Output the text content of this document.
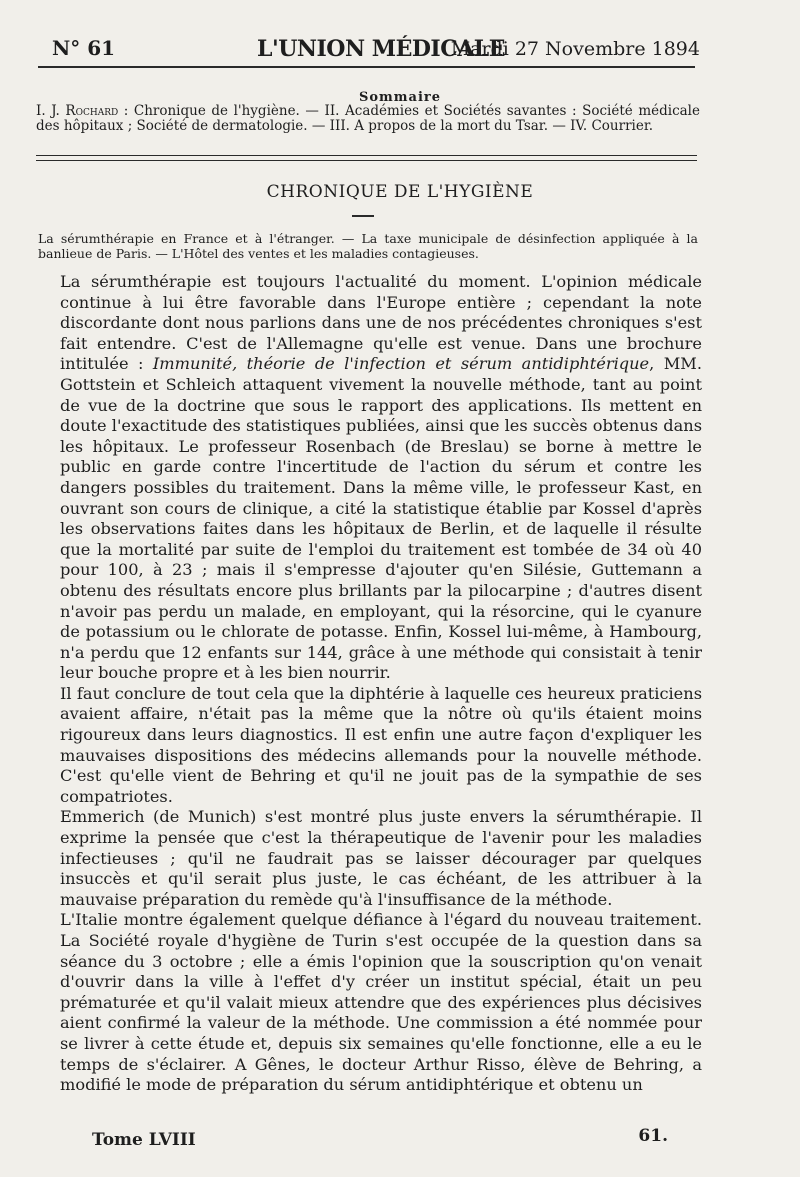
N° 61	L'UNION MÉDICALE
Mardi 27 Novembre 1894
Sommaire
I. J. Rochard : Chronique de l'hygiène. — II. Académies et Sociétés savantes : Société médicale des hôpitaux ; Société de dermatologie. — III. A propos de la mort du Tsar. — IV. Courrier.
CHRONIQUE DE L'HYGIÈNE
La sérumthérapie en France et à l'étranger. — La taxe municipale de désinfection appliquée à la banlieue de Paris. — L'Hôtel des ventes et les maladies contagieuses.

La sérumthérapie est toujours l'actualité du moment. L'opinion médicale continue à lui être favorable dans l'Europe entière ; cependant la note discordante dont nous parlions dans une de nos précédentes chroniques s'est fait entendre. C'est de l'Allemagne qu'elle est venue. Dans une brochure intitulée : Immunité, théorie de l'infection et sérum antidiphtérique, MM. Gottstein et Schleich attaquent vivement la nouvelle méthode, tant au point de vue de la doctrine que sous le rapport des applications. Ils mettent en doute l'exactitude des statistiques publiées, ainsi que les succès obtenus dans les hôpitaux. Le professeur Rosenbach (de Breslau) se borne à mettre le public en garde contre l'incertitude de l'action du sérum et contre les dangers possibles du traitement. Dans la même ville, le professeur Kast, en ouvrant son cours de clinique, a cité la statistique établie par Kossel d'après les observations faites dans les hôpitaux de Berlin, et de laquelle il résulte que la mortalité par suite de l'emploi du traitement est tombée de 34 où 40 pour 100, à 23 ; mais il s'empresse d'ajouter qu'en Silésie, Guttemann a obtenu des résultats encore plus brillants par la pilocarpine ; d'autres disent n'avoir pas perdu un malade, en employant, qui la résorcine, qui le cyanure de potassium ou le chlorate de potasse. Enfin, Kossel lui-même, à Hambourg, n'a perdu que 12 enfants sur 144, grâce à une méthode qui consistait à tenir leur bouche propre et à les bien nourrir.

Il faut conclure de tout cela que la diphtérie à laquelle ces heureux praticiens avaient affaire, n'était pas la même que la nôtre où qu'ils étaient moins rigoureux dans leurs diagnostics. Il est enfin une autre façon d'expliquer les mauvaises dispositions des médecins allemands pour la nouvelle méthode. C'est qu'elle vient de Behring et qu'il ne jouit pas de la sympathie de ses compatriotes.

Emmerich (de Munich) s'est montré plus juste envers la sérumthérapie. Il exprime la pensée que c'est la thérapeutique de l'avenir pour les maladies infectieuses ; qu'il ne faudrait pas se laisser décourager par quelques insuccès et qu'il serait plus juste, le cas échéant, de les attribuer à la mauvaise préparation du remède qu'à l'insuffisance de la méthode.

L'Italie montre également quelque défiance à l'égard du nouveau traitement. La Société royale d'hygiène de Turin s'est occupée de la question dans sa séance du 3 octobre ; elle a émis l'opinion que la souscription qu'on venait d'ouvrir dans la ville à l'effet d'y créer un institut spécial, était un peu prématurée et qu'il valait mieux attendre que des expériences plus décisives aient confirmé la valeur de la méthode. Une commission a été nommée pour se livrer à cette étude et, depuis six semaines qu'elle fonctionne, elle a eu le temps de s'éclairer. A Gênes, le docteur Arthur Risso, élève de Behring, a modifié le mode de préparation du sérum antidiphtérique et obtenu un

Tome LVIII	61.
